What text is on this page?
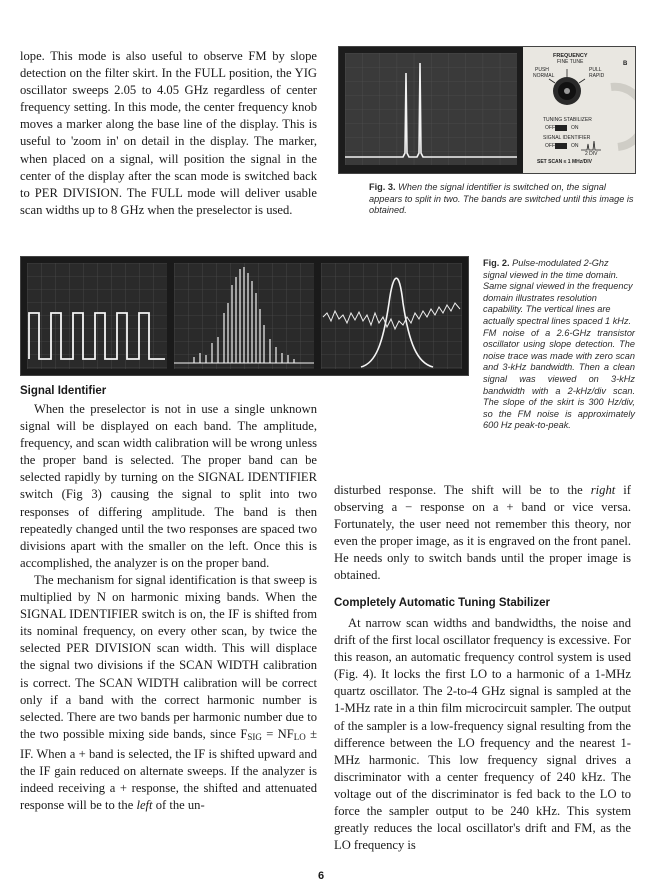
lope. This mode is also useful to observe FM by slope detection on the filter skirt. In the FULL position, the YIG oscillator sweeps 2.05 to 4.05 GHz regardless of center frequency setting. In this mode, the center frequency knob moves a marker along the base line of the display. This is useful to 'zoom in' on detail in the display. The marker, when placed on a signal, will position the signal in the center of the display after the scan mode is switched back to PER DIVISION. The FULL mode will deliver usable scan widths up to 8 GHz when the preselector is used.

FREQUENCY
FINE TUNE
PUSH
NORMAL
PULL
RAPID
B
TUNING STABILIZER
OFF	ON
SIGNAL IDENTIFIER
OFF	ON
2 DIV
SET SCAN ≤ 1 MHz/DIV
Fig. 3. When the signal identifier is switched on, the signal appears to split in two. The bands are switched until this image is obtained.
Fig. 2. Pulse-modulated 2-Ghz signal viewed in the time domain.
Same signal viewed in the frequency domain illustrates resolution capability. The vertical lines are actually spectral lines spaced 1 kHz.
FM noise of a 2.6-GHz transistor oscillator using slope detection. The noise trace was made with zero scan and 3-kHz bandwidth. Then a clean signal was viewed on 3-kHz bandwidth with a 2-kHz/div scan. The slope of the skirt is 300 Hz/div, so the FM noise is approximately 600 Hz peak-to-peak.
Signal Identifier

When the preselector is not in use a single unknown signal will be displayed on each band. The amplitude, frequency, and scan width calibration will be wrong unless the proper band is selected. The proper band can be selected rapidly by turning on the SIGNAL IDENTIFIER switch (Fig 3) causing the signal to split into two responses of differing amplitude. The band is then repeatedly changed until the two responses are spaced two divisions apart with the smaller on the left. Once this is accomplished, the analyzer is on the proper band.

The mechanism for signal identification is that sweep is multiplied by N on harmonic mixing bands. When the SIGNAL IDENTIFIER switch is on, the IF is shifted from its nominal frequency, on every other scan, by twice the selected PER DIVISION scan width. This will displace the signal two divisions if the SCAN WIDTH calibration is correct. The SCAN WIDTH calibration will be correct only if a band with the correct harmonic number is selected. There are two bands per harmonic number due to the two possible mixing side bands, since FSIG = NFLO ± IF. When a + band is selected, the IF is shifted upward and the IF gain reduced on alternate sweeps. If the analyzer is indeed receiving a + response, the shifted and attenuated response will be to the left of the un-

disturbed response. The shift will be to the right if observing a − response on a + band or vice versa. Fortunately, the user need not remember this theory, nor even the proper image, as it is engraved on the front panel. He needs only to switch bands until the proper image is obtained.

Completely Automatic Tuning Stabilizer

At narrow scan widths and bandwidths, the noise and drift of the first local oscillator frequency is excessive. For this reason, an automatic frequency control system is used (Fig. 4). It locks the first LO to a harmonic of a 1-MHz quartz oscillator. The 2-to-4 GHz signal is sampled at the 1-MHz rate in a thin film microcircuit sampler. The output of the sampler is a low-frequency signal resulting from the difference between the LO frequency and the nearest 1-MHz harmonic. This low frequency signal drives a discriminator with a center frequency of 240 kHz. The voltage out of the discriminator is fed back to the LO to force the sampler output to be 240 kHz. This system greatly reduces the local oscillator's drift and FM, as the LO frequency is

6
